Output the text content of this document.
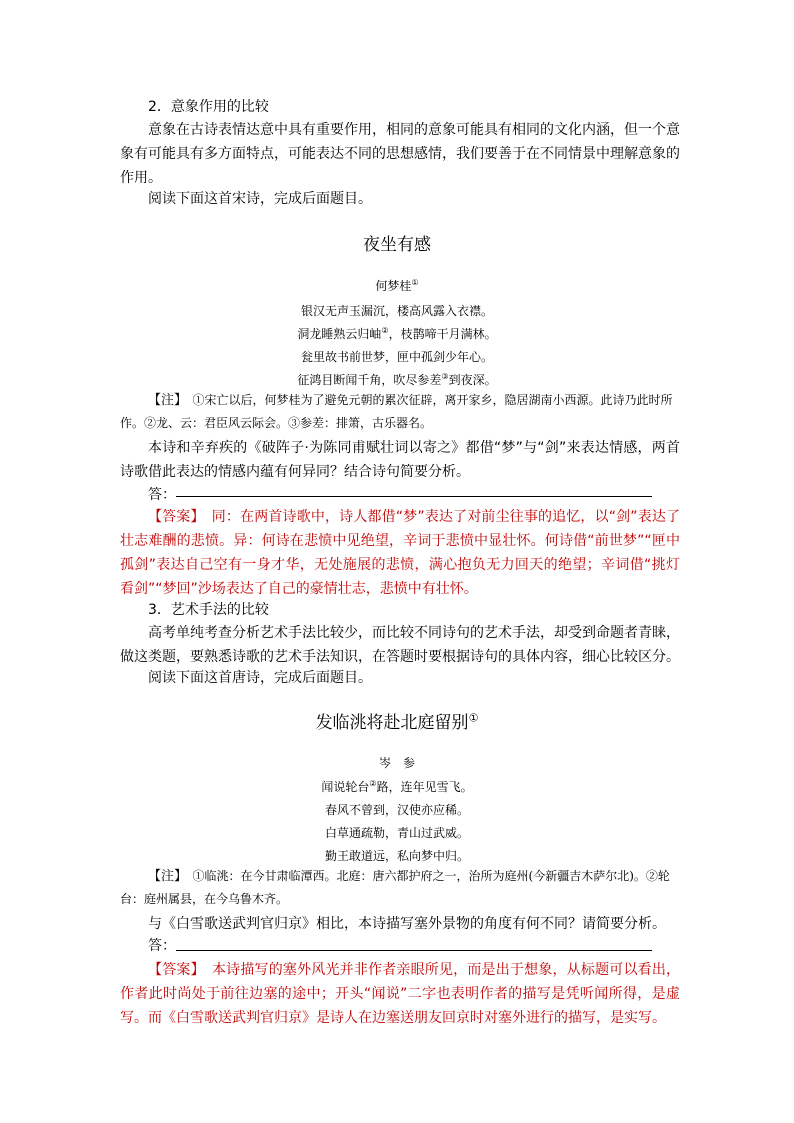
2．意象作用的比较
意象在古诗表情达意中具有重要作用，相同的意象可能具有相同的文化内涵，但一个意象有可能具有多方面特点，可能表达不同的思想感情，我们要善于在不同情景中理解意象的作用。
阅读下面这首宋诗，完成后面题目。
夜坐有感
何梦桂①
银汉无声玉漏沉，楼高风露入衣襟。
洞龙睡熟云归岫②，枝鹊啼干月满林。
瓮里故书前世梦，匣中孤剑少年心。
征鸿目断闻千角，吹尽参差③到夜深。
【注】　 ①宋亡以后，何梦桂为了避免元朝的累次征辟，离开家乡，隐居湖南小西源。此诗乃此时所作。②龙、云：君臣风云际会。③参差：排箫，古乐器名。
本诗和辛弃疾的《破阵子·为陈同甫赋壮词以寄之》都借“梦”与“剑”来表达情感，两首诗歌借此表达的情感内蕴有何异同？结合诗句简要分析。
答：
【答案】　 同：在两首诗歌中，诗人都借“梦”表达了对前尘往事的追忆，以“剑”表达了壮志难酬的悲愤。异：何诗在悲愤中见绝望，辛词于悲愤中显壮怀。何诗借“前世梦”“匣中孤剑”表达自己空有一身才华，无处施展的悲愤，满心抱负无力回天的绝望；辛词借“挑灯看剑”“梦回”沙场表达了自己的豪情壮志，悲愤中有壮怀。
3．艺术手法的比较
高考单纯考查分析艺术手法比较少，而比较不同诗句的艺术手法，却受到命题者青睐，做这类题，要熟悉诗歌的艺术手法知识，在答题时要根据诗句的具体内容，细心比较区分。
阅读下面这首唐诗，完成后面题目。
发临洮将赴北庭留别①
岑　参
闻说轮台②路，连年见雪飞。
春风不曾到，汉使亦应稀。
白草通疏勒，青山过武威。
勤王敢道远，私向梦中归。
【注】　 ①临洮：在今甘肃临潭西。北庭：唐六都护府之一，治所为庭州(今新疆吉木萨尔北)。②轮台：庭州属县，在今乌鲁木齐。
与《白雪歌送武判官归京》相比，本诗描写塞外景物的角度有何不同？请简要分析。
答：
【答案】　 本诗描写的塞外风光并非作者亲眼所见，而是出于想象，从标题可以看出，作者此时尚处于前往边塞的途中；开头“闻说”二字也表明作者的描写是凭听闻所得，是虚写。而《白雪歌送武判官归京》是诗人在边塞送朋友回京时对塞外进行的描写，是实写。
